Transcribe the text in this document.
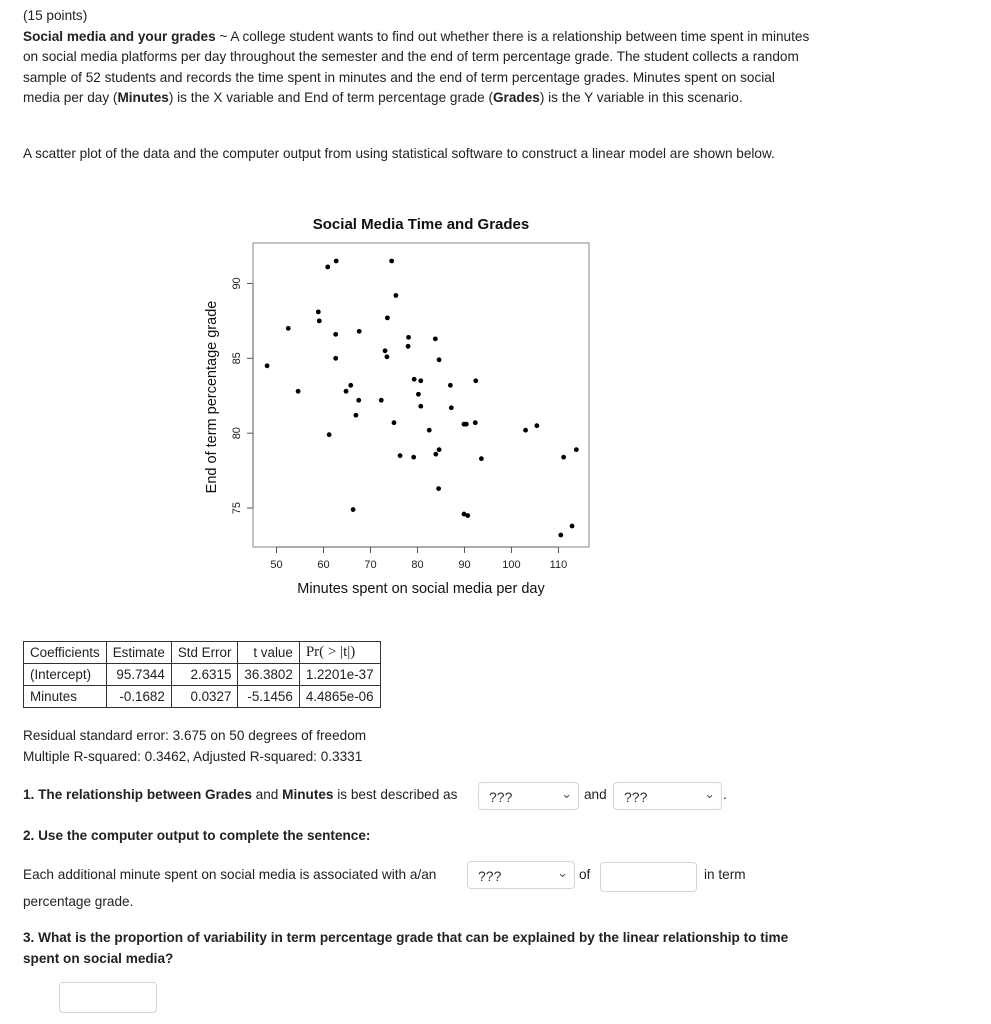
(15 points)
Social media and your grades ~ A college student wants to find out whether there is a relationship between time spent in minutes on social media platforms per day throughout the semester and the end of term percentage grade. The student collects a random sample of 52 students and records the time spent in minutes and the end of term percentage grades. Minutes spent on social media per day (Minutes) is the X variable and End of term percentage grade (Grades) is the Y variable in this scenario.
A scatter plot of the data and the computer output from using statistical software to construct a linear model are shown below.
Social Media Time and Grades
Minutes spent on social media per day
End of term percentage grade
50	60	70	80	90	100	110
75
80
85
90
Coefficients	Estimate	Std Error	t value	Pr( > |t|)
(Intercept)	95.7344	2.6315	36.3802	1.2201e-37
Minutes	-0.1682	0.0327	-5.1456	4.4865e-06
Residual standard error: 3.675 on 50 degrees of freedom
Multiple R-squared: 0.3462, Adjusted R-squared: 0.3331
1. The relationship between Grades and Minutes is best described as ???	⌄ and ???	⌄ .
2. Use the computer output to complete the sentence:
Each additional minute spent on social media is associated with a/an	???	⌄ of	in term
percentage grade.
3. What is the proportion of variability in term percentage grade that can be explained by the linear relationship to time spent on social media?
